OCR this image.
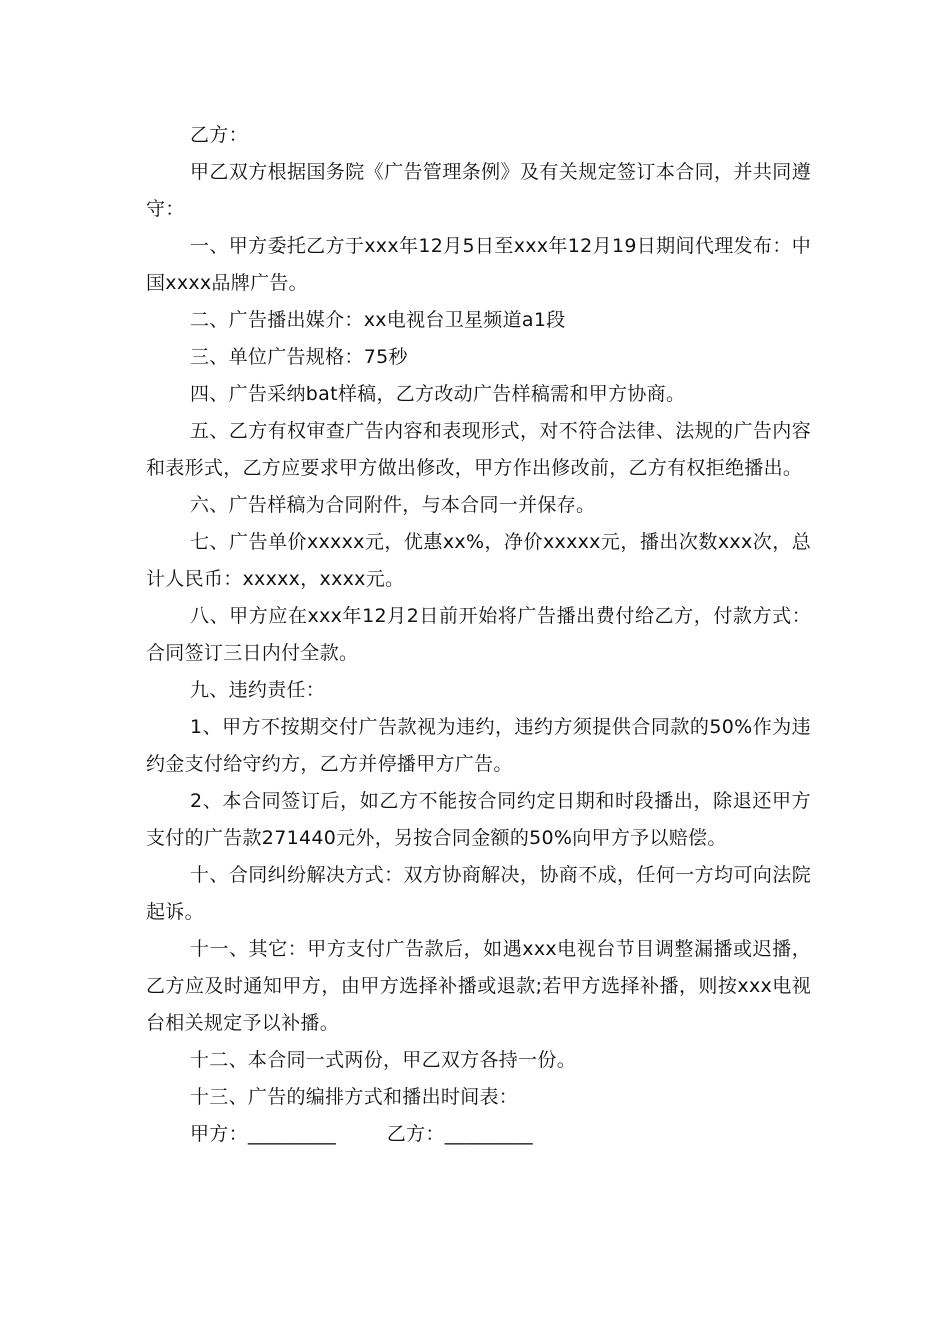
乙方：

甲乙双方根据国务院《广告管理条例》及有关规定签订本合同，并共同遵守：

一、甲方委托乙方于xxx年12月5日至xxx年12月19日期间代理发布：中国xxxx品牌广告。

二、广告播出媒介：xx电视台卫星频道a1段

三、单位广告规格：75秒

四、广告采纳bat样稿，乙方改动广告样稿需和甲方协商。

五、乙方有权审查广告内容和表现形式，对不符合法律、法规的广告内容和表形式，乙方应要求甲方做出修改，甲方作出修改前，乙方有权拒绝播出。

六、广告样稿为合同附件，与本合同一并保存。

七、广告单价xxxxx元，优惠xx%，净价xxxxx元，播出次数xxx次，总计人民币：xxxxx，xxxx元。

八、甲方应在xxx年12月2日前开始将广告播出费付给乙方，付款方式：合同签订三日内付全款。

九、违约责任：

1、甲方不按期交付广告款视为违约，违约方须提供合同款的50%作为违约金支付给守约方，乙方并停播甲方广告。

2、本合同签订后，如乙方不能按合同约定日期和时段播出，除退还甲方支付的广告款271440元外，另按合同金额的50%向甲方予以赔偿。

十、合同纠纷解决方式：双方协商解决，协商不成，任何一方均可向法院起诉。

十一、其它：甲方支付广告款后，如遇xxx电视台节目调整漏播或迟播，乙方应及时通知甲方，由甲方选择补播或退款;若甲方选择补播，则按xxx电视台相关规定予以补播。

十二、本合同一式两份，甲乙双方各持一份。

十三、广告的编排方式和播出时间表：

甲方：_________	乙方：_________
